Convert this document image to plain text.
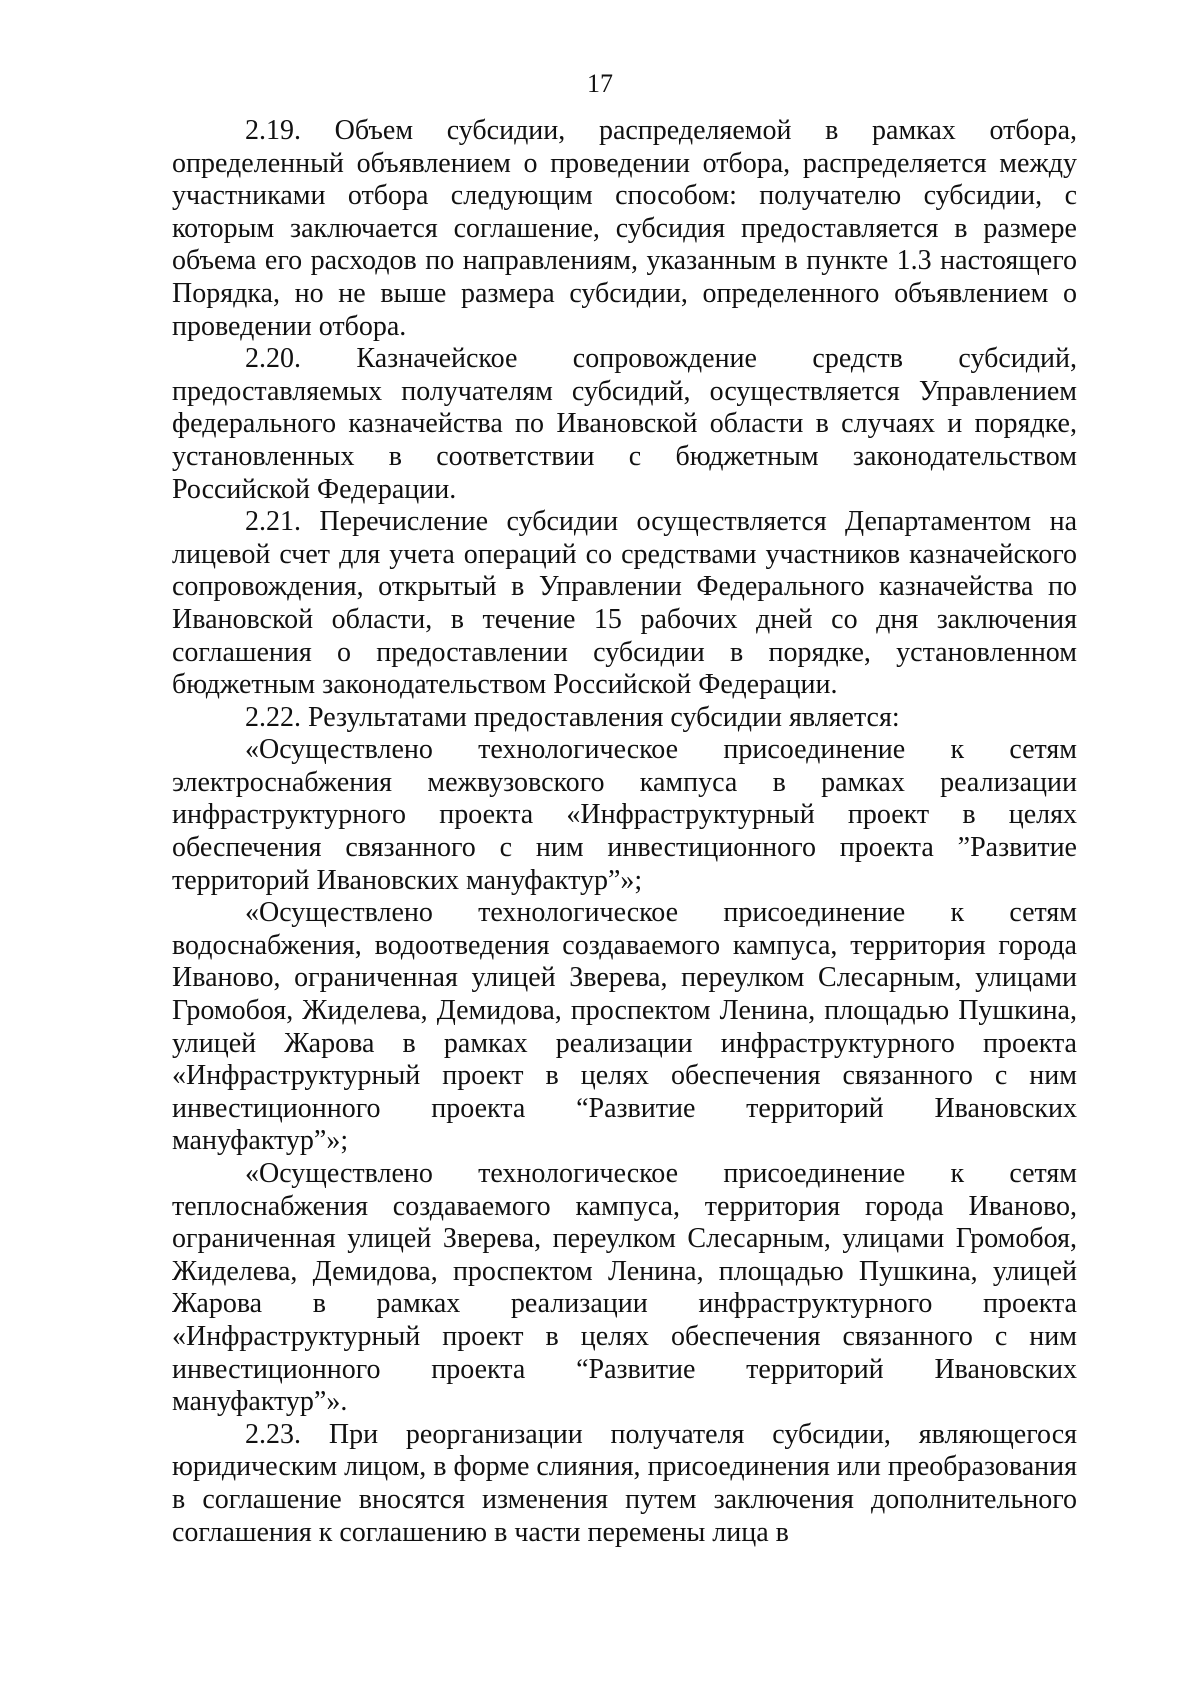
17

2.19. Объем субсидии, распределяемой в рамках отбора, определенный объявлением о проведении отбора, распределяется между участниками отбора следующим способом: получателю субсидии, с которым заключается соглашение, субсидия предоставляется в размере объема его расходов по направлениям, указанным в пункте 1.3 настоящего Порядка, но не выше размера субсидии, определенного объявлением о проведении отбора.

2.20. Казначейское сопровождение средств субсидий, предоставляемых получателям субсидий, осуществляется Управлением федерального казначейства по Ивановской области в случаях и порядке, установленных в соответствии с бюджетным законодательством Российской Федерации.

2.21. Перечисление субсидии осуществляется Департаментом на лицевой счет для учета операций со средствами участников казначейского сопровождения, открытый в Управлении Федерального казначейства по Ивановской области, в течение 15 рабочих дней со дня заключения соглашения о предоставлении субсидии в порядке, установленном бюджетным законодательством Российской Федерации.

2.22. Результатами предоставления субсидии является:

«Осуществлено технологическое присоединение к сетям электроснабжения межвузовского кампуса в рамках реализации инфраструктурного проекта «Инфраструктурный проект в целях обеспечения связанного с ним инвестиционного проекта ”Развитие территорий Ивановских мануфактур”»;

«Осуществлено технологическое присоединение к сетям водоснабжения, водоотведения создаваемого кампуса, территория города Иваново, ограниченная улицей Зверева, переулком Слесарным, улицами Громобоя, Жиделева, Демидова, проспектом Ленина, площадью Пушкина, улицей Жарова в рамках реализации инфраструктурного проекта «Инфраструктурный проект в целях обеспечения связанного с ним инвестиционного проекта “Развитие территорий Ивановских мануфактур”»;

«Осуществлено технологическое присоединение к сетям теплоснабжения создаваемого кампуса, территория города Иваново, ограниченная улицей Зверева, переулком Слесарным, улицами Громобоя, Жиделева, Демидова, проспектом Ленина, площадью Пушкина, улицей Жарова в рамках реализации инфраструктурного проекта «Инфраструктурный проект в целях обеспечения связанного с ним инвестиционного проекта “Развитие территорий Ивановских мануфактур”».

2.23. При реорганизации получателя субсидии, являющегося юридическим лицом, в форме слияния, присоединения или преобразования в соглашение вносятся изменения путем заключения дополнительного соглашения к соглашению в части перемены лица в
